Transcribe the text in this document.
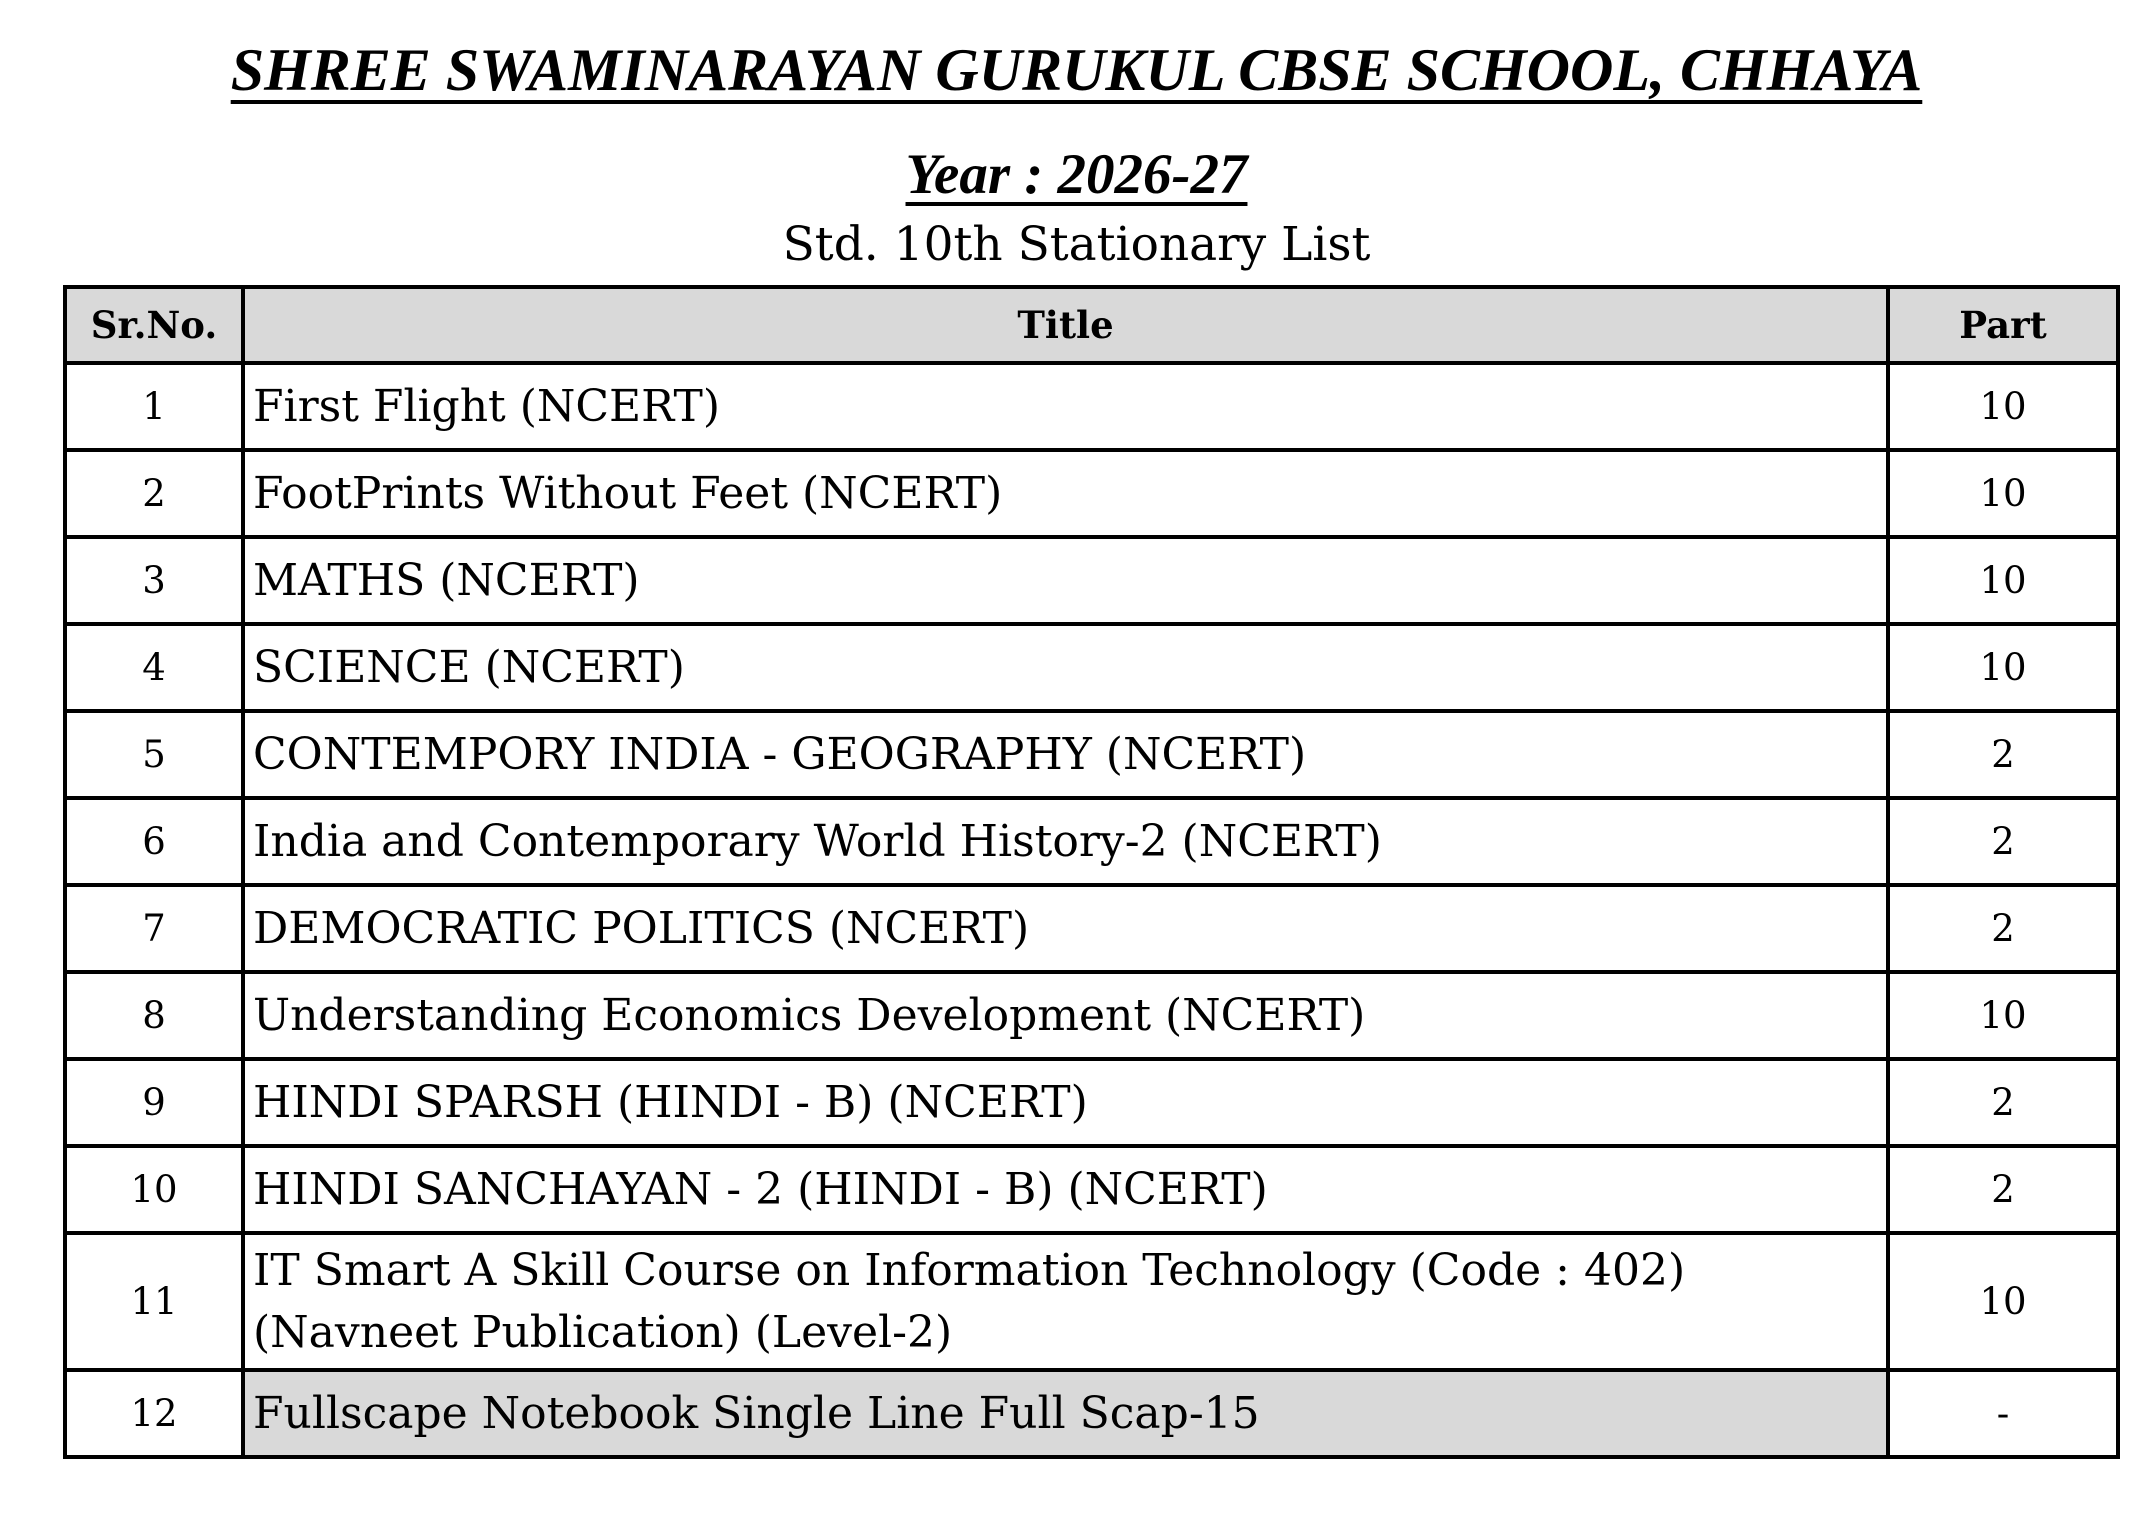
SHREE SWAMINARAYAN GURUKUL CBSE SCHOOL, CHHAYA
Year : 2026-27
Std. 10th Stationary List
Sr.No.	Title	Part
1	First Flight (NCERT)	10
2	FootPrints Without Feet (NCERT)	10
3	MATHS (NCERT)	10
4	SCIENCE (NCERT)	10
5	CONTEMPORY INDIA - GEOGRAPHY (NCERT)	2
6	India and Contemporary World History-2 (NCERT)	2
7	DEMOCRATIC POLITICS (NCERT)	2
8	Understanding Economics Development (NCERT)	10
9	HINDI SPARSH (HINDI - B) (NCERT)	2
10	HINDI SANCHAYAN - 2 (HINDI - B) (NCERT)	2
11	IT Smart A Skill Course on Information Technology (Code : 402)
(Navneet Publication) (Level-2)	10
12	Fullscape Notebook Single Line Full Scap-15	-
